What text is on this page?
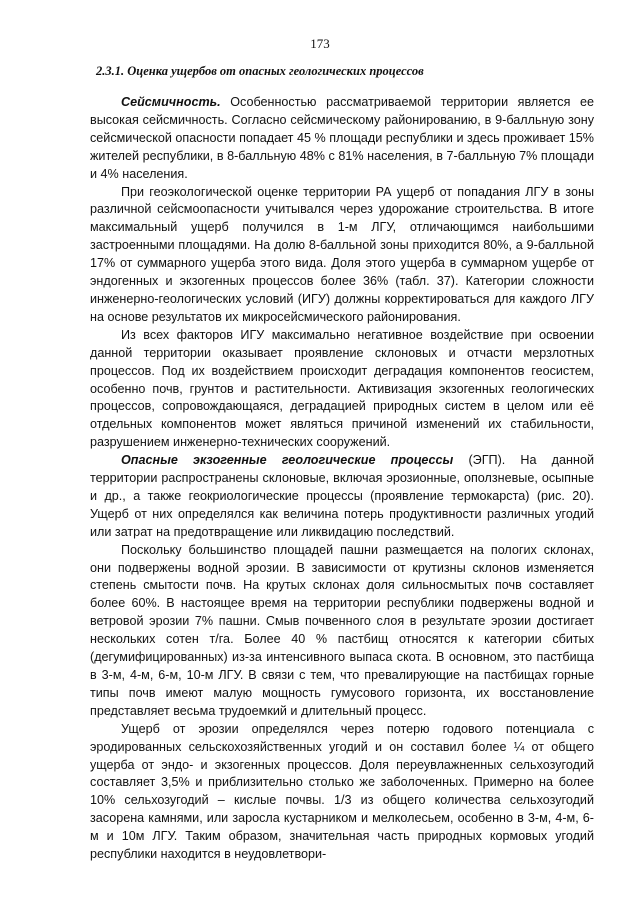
173
2.3.1. Оценка ущербов от опасных геологических процессов

Сейсмичность. Особенностью рассматриваемой территории является ее высокая сейсмичность. Согласно сейсмическому районированию, в 9-балльную зону сейсмической опасности попадает 45 % площади республики и здесь проживает 15% жителей республики, в 8-балльную 48% с 81% населения, в 7-балльную 7% площади и 4% населения.

При геоэкологической оценке территории РА ущерб от попадания ЛГУ в зоны различной сейсмоопасности учитывался через удорожание строительства. В итоге максимальный ущерб получился в 1-м ЛГУ, отличающимся наибольшими застроенными площадями. На долю 8-балльной зоны приходится 80%, а 9-балльной 17% от суммарного ущерба этого вида. Доля этого ущерба в суммарном ущербе от эндогенных и экзогенных процессов более 36% (табл. 37). Категории сложности инженерно-геологических условий (ИГУ) должны корректироваться для каждого ЛГУ на основе результатов их микросейсмического районирования.

Из всех факторов ИГУ максимально негативное воздействие при освоении данной территории оказывает проявление склоновых и отчасти мерзлотных процессов. Под их воздействием происходит деградация компонентов геосистем, особенно почв, грунтов и растительности. Активизация экзогенных геологических процессов, сопровождающаяся, деградацией природных систем в целом или её отдельных компонентов может являться причиной изменений их стабильности, разрушением инженерно-технических сооружений.

Опасные экзогенные геологические процессы (ЭГП). На данной территории распространены склоновые, включая эрозионные, оползневые, осыпные и др., а также геокриологические процессы (проявление термокарста) (рис. 20). Ущерб от них определялся как величина потерь продуктивности различных угодий или затрат на предотвращение или ликвидацию последствий.

Поскольку большинство площадей пашни размещается на пологих склонах, они подвержены водной эрозии. В зависимости от крутизны склонов изменяется степень смытости почв. На крутых склонах доля сильносмытых почв составляет более 60%. В настоящее время на территории республики подвержены водной и ветровой эрозии 7% пашни. Смыв почвенного слоя в результате эрозии достигает нескольких сотен т/га. Более 40 % пастбищ относятся к категории сбитых (дегумифицированных) из-за интенсивного выпаса скота. В основном, это пастбища в 3-м, 4-м, 6-м, 10-м ЛГУ. В связи с тем, что превалирующие на пастбищах горные типы почв имеют малую мощность гумусового горизонта, их восстановление представляет весьма трудоемкий и длительный процесс.

Ущерб от эрозии определялся через потерю годового потенциала с эродированных сельскохозяйственных угодий и он составил более ¼ от общего ущерба от эндо- и экзогенных процессов. Доля переувлажненных сельхозугодий составляет 3,5% и приблизительно столько же заболоченных. Примерно на более 10% сельхозугодий – кислые почвы. 1/3 из общего количества сельхозугодий засорена камнями, или заросла кустарником и мелколесьем, особенно в 3-м, 4-м, 6-м и 10м ЛГУ. Таким образом, значительная часть природных кормовых угодий республики находится в неудовлетвори-
